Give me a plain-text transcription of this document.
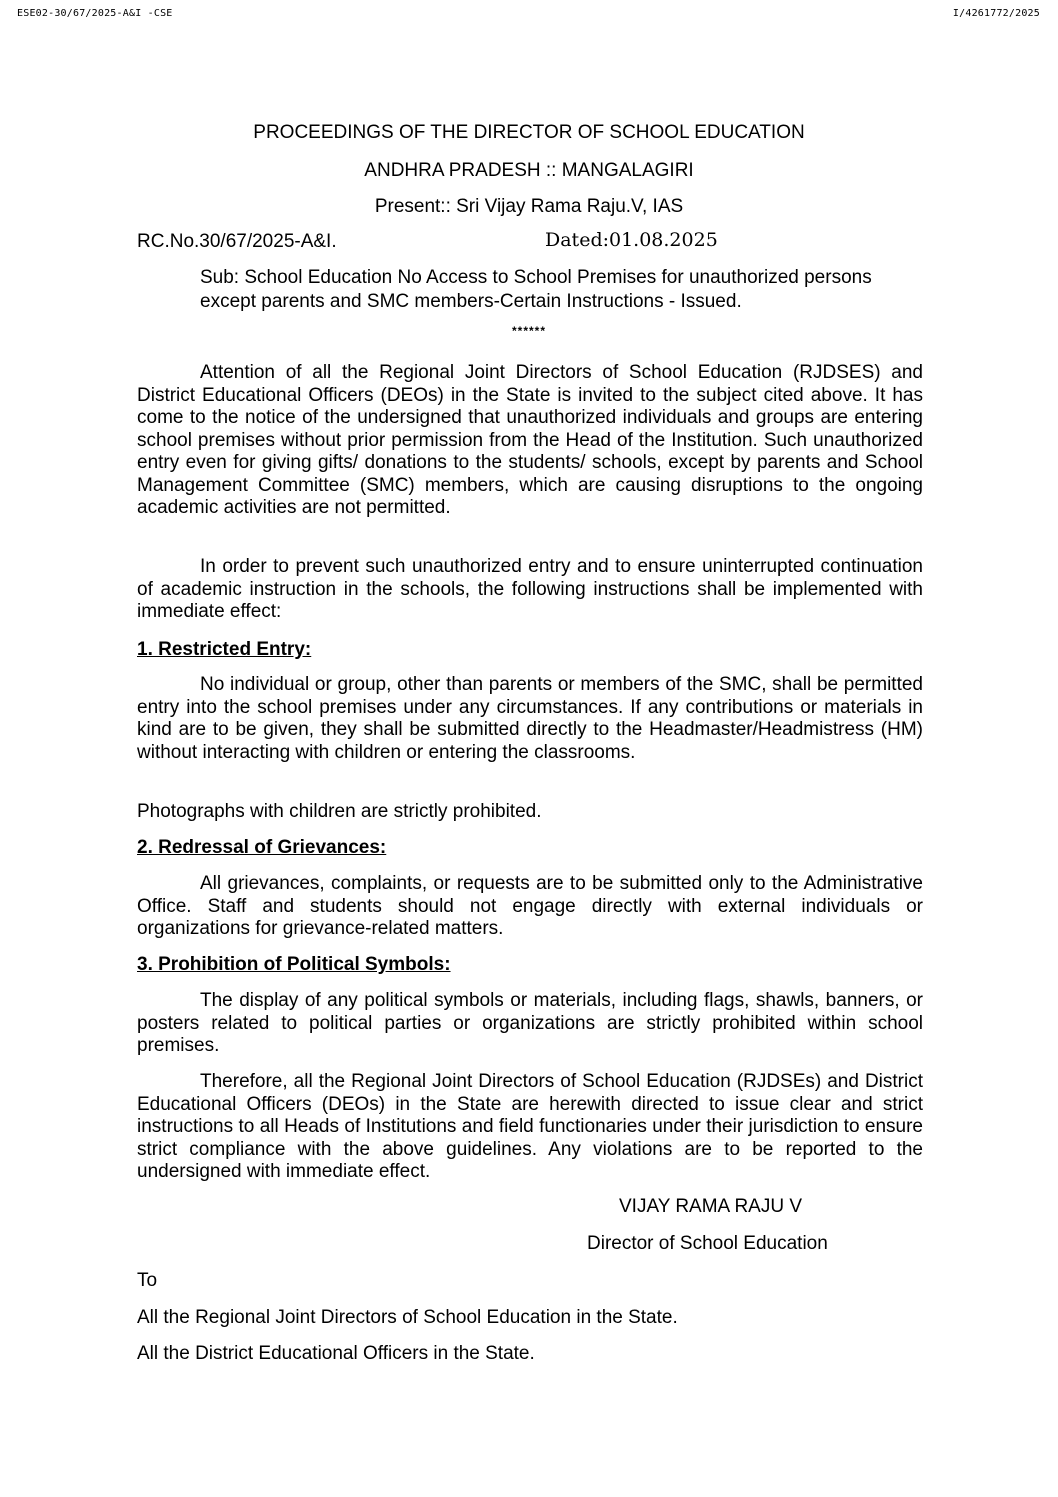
ESE02-30/67/2025-A&I -CSE	I/4261772/2025
PROCEEDINGS OF THE DIRECTOR OF SCHOOL EDUCATION
ANDHRA PRADESH :: MANGALAGIRI
Present:: Sri Vijay Rama Raju.V, IAS
RC.No.30/67/2025-A&I.	Dated:01.08.2025
Sub: School Education No Access to School Premises for unauthorized persons except parents and SMC members-Certain Instructions - Issued.
******

Attention of all the Regional Joint Directors of School Education (RJDSES) and District Educational Officers (DEOs) in the State is invited to the subject cited above. It has come to the notice of the undersigned that unauthorized individuals and groups are entering school premises without prior permission from the Head of the Institution. Such unauthorized entry even for giving gifts/ donations to the students/ schools, except by parents and School Management Committee (SMC) members, which are causing disruptions to the ongoing academic activities are not permitted.

In order to prevent such unauthorized entry and to ensure uninterrupted continuation of academic instruction in the schools, the following instructions shall be implemented with immediate effect:

1. Restricted Entry:

No individual or group, other than parents or members of the SMC, shall be permitted entry into the school premises under any circumstances. If any contributions or materials in kind are to be given, they shall be submitted directly to the Headmaster/Headmistress (HM) without interacting with children or entering the classrooms.

Photographs with children are strictly prohibited.

2. Redressal of Grievances:

All grievances, complaints, or requests are to be submitted only to the Administrative Office. Staff and students should not engage directly with external individuals or organizations for grievance-related matters.

3. Prohibition of Political Symbols:

The display of any political symbols or materials, including flags, shawls, banners, or posters related to political parties or organizations are strictly prohibited within school premises.

Therefore, all the Regional Joint Directors of School Education (RJDSEs) and District Educational Officers (DEOs) in the State are herewith directed to issue clear and strict instructions to all Heads of Institutions and field functionaries under their jurisdiction to ensure strict compliance with the above guidelines. Any violations are to be reported to the undersigned with immediate effect.

VIJAY RAMA RAJU V
Director of School Education
To
All the Regional Joint Directors of School Education in the State.
All the District Educational Officers in the State.
